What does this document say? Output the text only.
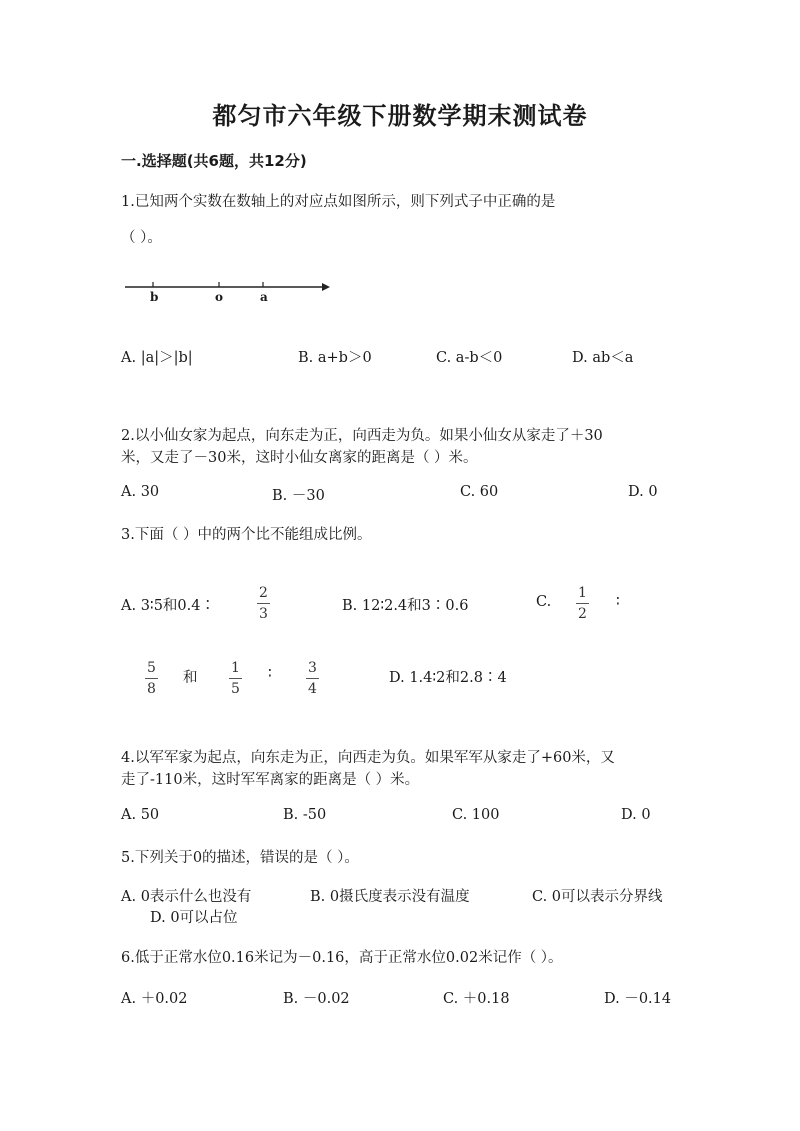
都匀市六年级下册数学期末测试卷
一.选择题(共6题，共12分)
1.已知两个实数在数轴上的对应点如图所示，则下列式子中正确的是
（ ）。
b	o	a
A. |a|＞|b|	B. a+b＞0	C. a-b＜0	D. ab＜a
2.以小仙女家为起点，向东走为正，向西走为负。如果小仙女从家走了＋30
米，又走了－30米，这时小仙女离家的距离是（ ）米。
A. 30	B. －30	C. 60	D. 0
3.下面（ ）中的两个比不能组成比例。
A. 3∶5和0.4∶
2
3	B. 12∶2.4和3∶0.6	C.
1
2
∶
5
8
和
1
5
∶	3
4
D. 1.4∶2和2.8∶4
4.以军军家为起点，向东走为正，向西走为负。如果军军从家走了+60米，又
走了-110米，这时军军离家的距离是（ ）米。
A. 50	B. -50	C. 100	D. 0
5.下列关于0的描述，错误的是（ ）。
A. 0表示什么也没有	B. 0摄氏度表示没有温度	C. 0可以表示分界线
D. 0可以占位
6.低于正常水位0.16米记为－0.16，高于正常水位0.02米记作（ ）。
A. ＋0.02	B. －0.02	C. ＋0.18	D. －0.14
